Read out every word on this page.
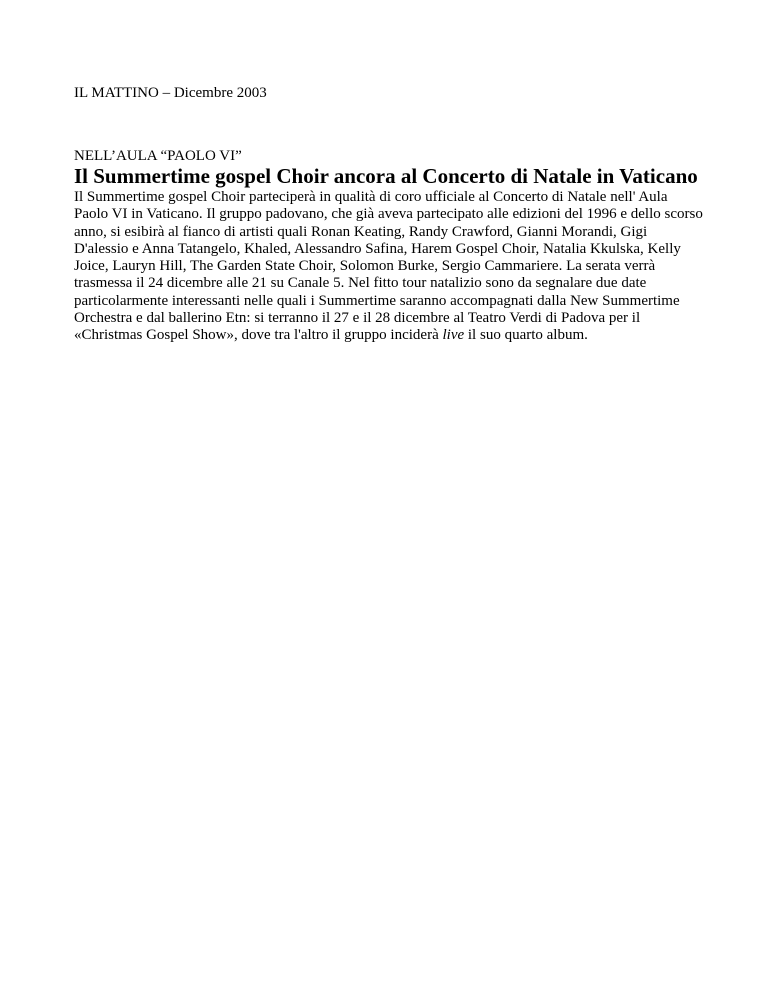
IL MATTINO – Dicembre 2003

NELL’AULA “PAOLO VI”

Il Summertime gospel Choir ancora al Concerto di Natale in Vaticano

Il Summertime gospel Choir parteciperà in qualità di coro ufficiale al Concerto di Natale nell' Aula Paolo VI in Vaticano. Il gruppo padovano, che già aveva partecipato alle edizioni del 1996 e dello scorso anno, si esibirà al fianco di artisti quali Ronan Keating, Randy Crawford, Gianni Morandi, Gigi D'alessio e Anna Tatangelo, Khaled, Alessandro Safina, Harem Gospel Choir, Natalia Kkulska, Kelly Joice, Lauryn Hill, The Garden State Choir, Solomon Burke, Sergio Cammariere. La serata verrà trasmessa il 24 dicembre alle 21 su Canale 5. Nel fitto tour natalizio sono da segnalare due date particolarmente interessanti nelle quali i Summertime saranno accompagnati dalla New Summertime Orchestra e dal ballerino Etn: si terranno il 27 e il 28 dicembre al Teatro Verdi di Padova per il «Christmas Gospel Show», dove tra l'altro il gruppo inciderà live il suo quarto album.
